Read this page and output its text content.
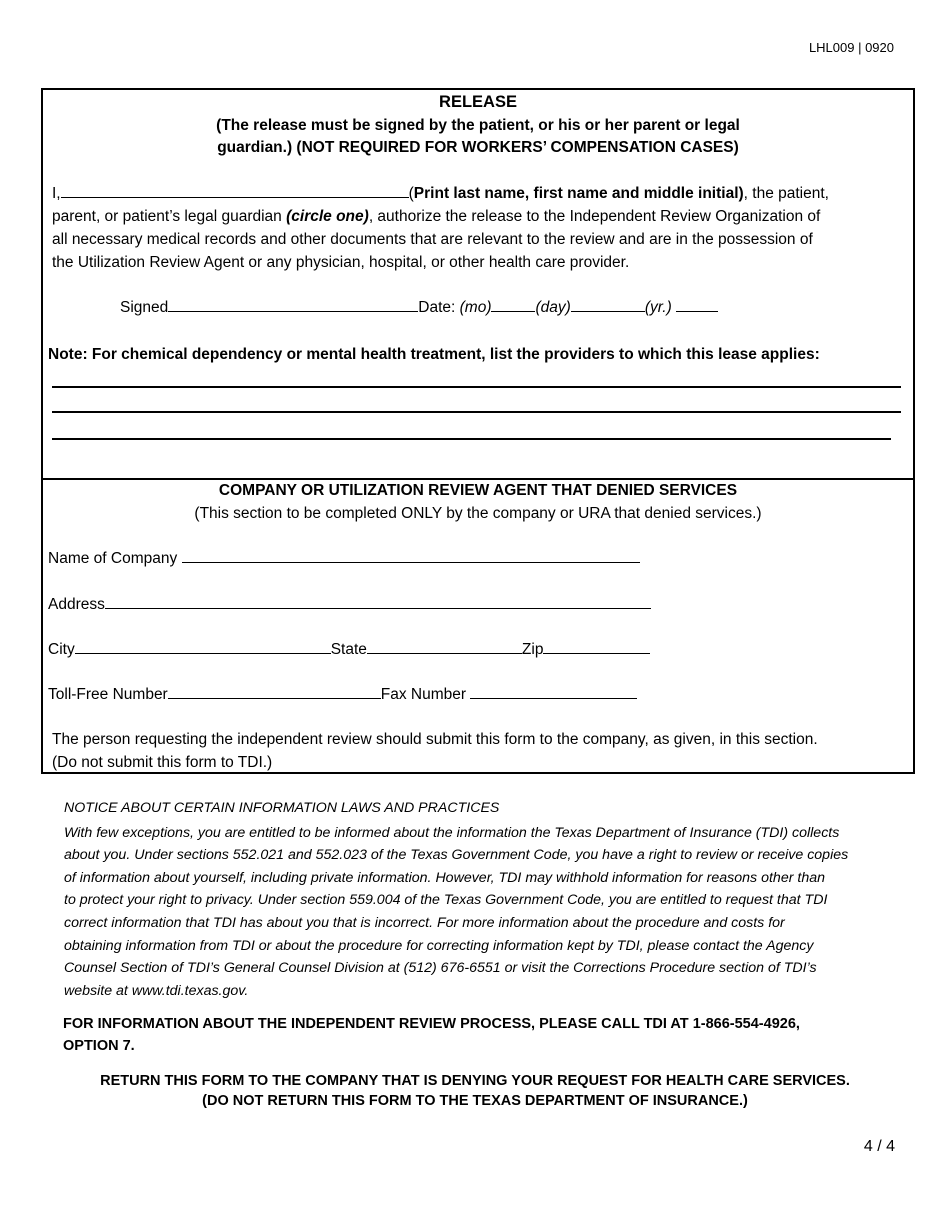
LHL009 | 0920
RELEASE
(The release must be signed by the patient, or his or her parent or legal
guardian.) (NOT REQUIRED FOR WORKERS’ COMPENSATION CASES)
I,	(Print last name, first name and middle initial), the patient,
parent, or patient’s legal guardian (circle one), authorize the release to the Independent Review Organization of
all necessary medical records and other documents that are relevant to the review and are in the possession of
the Utilization Review Agent or any physician, hospital, or other health care provider.
Signed	Date: (mo)	(day)	(yr.)
Note: For chemical dependency or mental health treatment, list the providers to which this lease applies:
COMPANY OR UTILIZATION REVIEW AGENT THAT DENIED SERVICES
(This section to be completed ONLY by the company or URA that denied services.)
Name of Company
Address
City	State	Zip
Toll-Free Number	Fax Number
The person requesting the independent review should submit this form to the company, as given, in this section.
(Do not submit this form to TDI.)
NOTICE ABOUT CERTAIN INFORMATION LAWS AND PRACTICES
With few exceptions, you are entitled to be informed about the information the Texas Department of Insurance (TDI) collects
about you. Under sections 552.021 and 552.023 of the Texas Government Code, you have a right to review or receive copies
of information about yourself, including private information. However, TDI may withhold information for reasons other than
to protect your right to privacy. Under section 559.004 of the Texas Government Code, you are entitled to request that TDI
correct information that TDI has about you that is incorrect. For more information about the procedure and costs for
obtaining information from TDI or about the procedure for correcting information kept by TDI, please contact the Agency
Counsel Section of TDI’s General Counsel Division at (512) 676-6551 or visit the Corrections Procedure section of TDI’s
website at www.tdi.texas.gov.
FOR INFORMATION ABOUT THE INDEPENDENT REVIEW PROCESS, PLEASE CALL TDI AT 1-866-554-4926,
OPTION 7.
RETURN THIS FORM TO THE COMPANY THAT IS DENYING YOUR REQUEST FOR HEALTH CARE SERVICES.
(DO NOT RETURN THIS FORM TO THE TEXAS DEPARTMENT OF INSURANCE.)
4 / 4
